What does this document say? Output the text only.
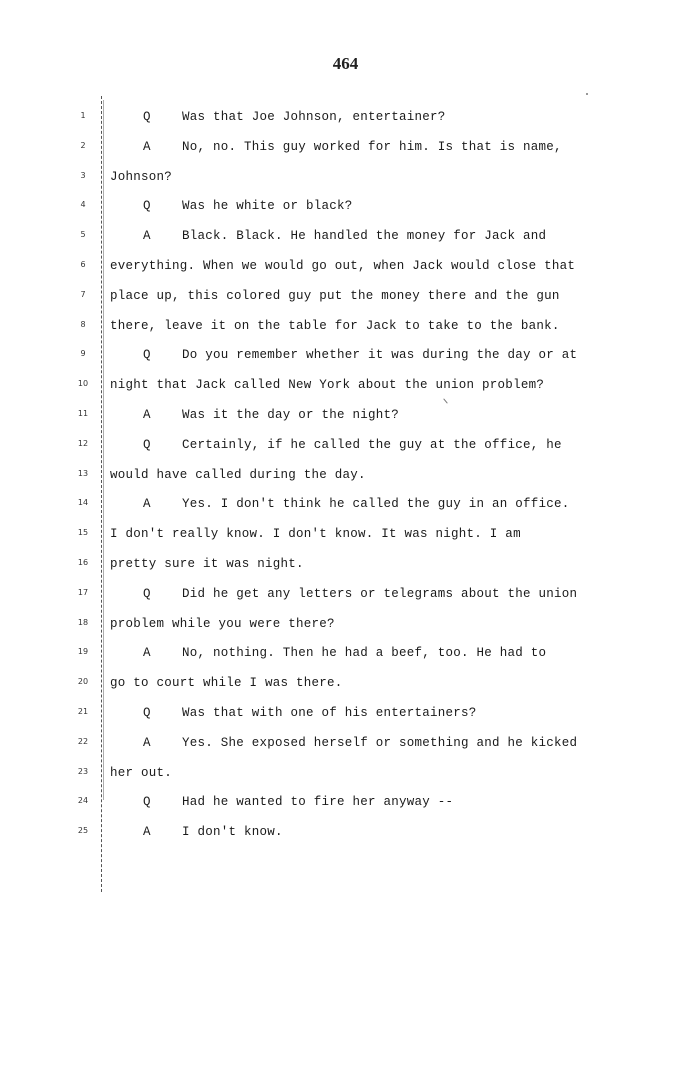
464
1	Q	Was that Joe Johnson, entertainer?
2	A	No, no. This guy worked for him. Is that is name,
3	Johnson?
4	Q	Was he white or black?
5	A	Black. Black. He handled the money for Jack and
6	everything. When we would go out, when Jack would close that
7	place up, this colored guy put the money there and the gun
8	there, leave it on the table for Jack to take to the bank.
9	Q	Do you remember whether it was during the day or at
10	night that Jack called New York about the union problem?
11	A	Was it the day or the night?
12	Q	Certainly, if he called the guy at the office, he
13	would have called during the day.
14	A	Yes. I don't think he called the guy in an office.
15	I don't really know. I don't know. It was night. I am
16	pretty sure it was night.
17	Q	Did he get any letters or telegrams about the union
18	problem while you were there?
19	A	No, nothing. Then he had a beef, too. He had to
20	go to court while I was there.
21	Q	Was that with one of his entertainers?
22	A	Yes. She exposed herself or something and he kicked
23	her out.
24	Q	Had he wanted to fire her anyway --
25	A	I don't know.
